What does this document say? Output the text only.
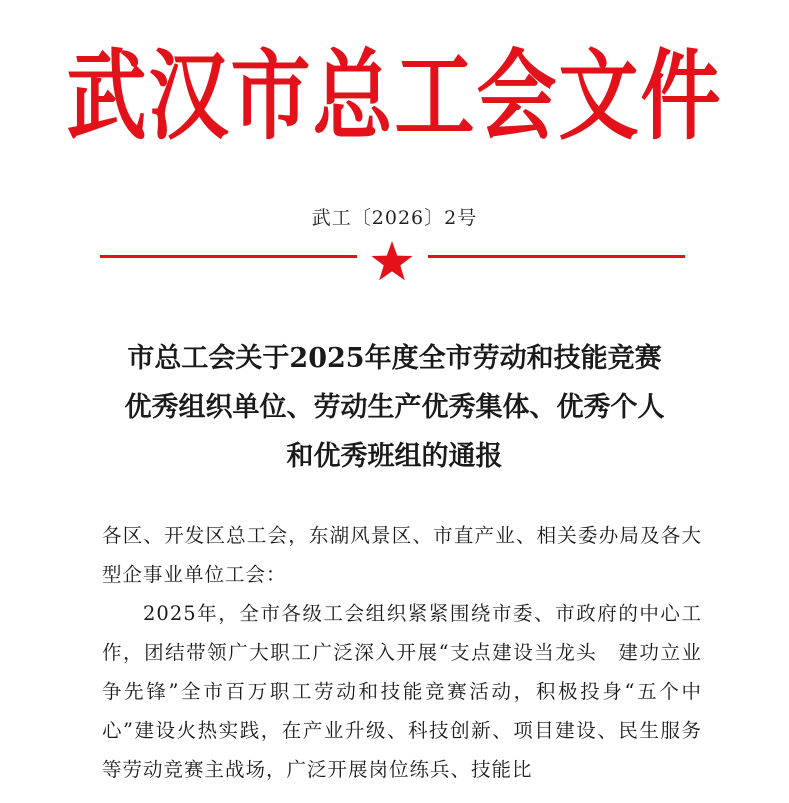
武汉市总工会文件
武工〔2026〕2号
市总工会关于2025年度全市劳动和技能竞赛
优秀组织单位、劳动生产优秀集体、优秀个人
和优秀班组的通报

各区、开发区总工会，东湖风景区、市直产业、相关委办局及各大型企事业单位工会：

2025年，全市各级工会组织紧紧围绕市委、市政府的中心工作，团结带领广大职工广泛深入开展“支点建设当龙头　建功立业争先锋”全市百万职工劳动和技能竞赛活动，积极投身“五个中心”建设火热实践，在产业升级、科技创新、项目建设、民生服务等劳动竞赛主战场，广泛开展岗位练兵、技能比
